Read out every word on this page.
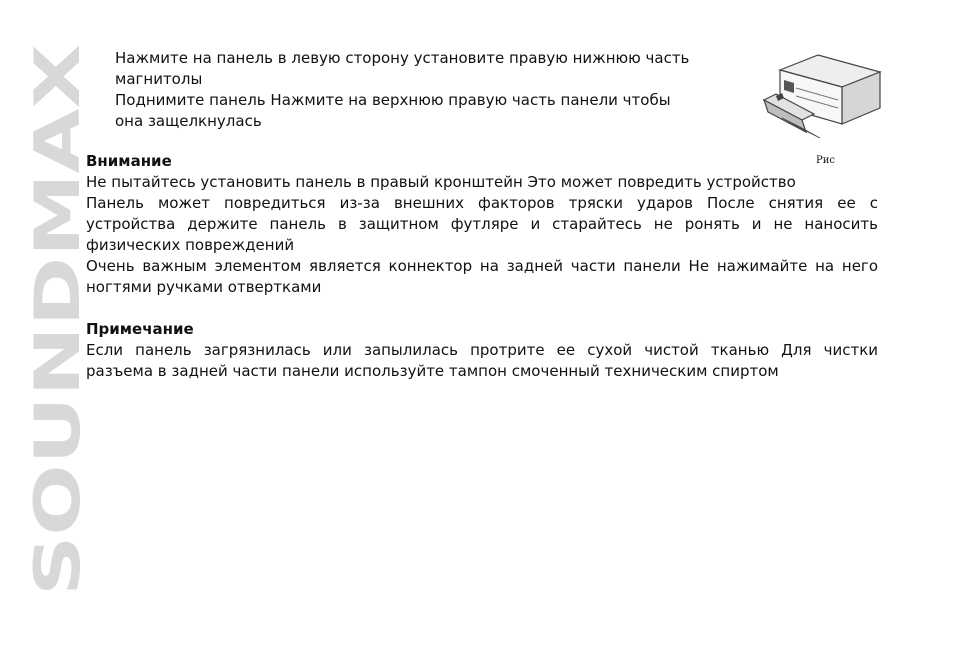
SOUNDMAX

Нажмите на панель в левую сторону установите правую нижнюю часть

магнитолы

Поднимите панель Нажмите на верхнюю правую часть панели чтобы

она защелкнулась

Рис

Внимание

Не пытайтесь установить панель в правый кронштейн Это может повредить устройство

Панель может повредиться из-за внешних факторов тряски ударов После снятия ее с

устройства держите панель в защитном футляре и старайтесь не ронять и не наносить

физических повреждений

Очень важным элементом является коннектор на задней части панели Не нажимайте на него

ногтями ручками отвертками

Примечание

Если панель загрязнилась или запылилась протрите ее сухой чистой тканью Для чистки

разъема в задней части панели используйте тампон смоченный техническим спиртом
